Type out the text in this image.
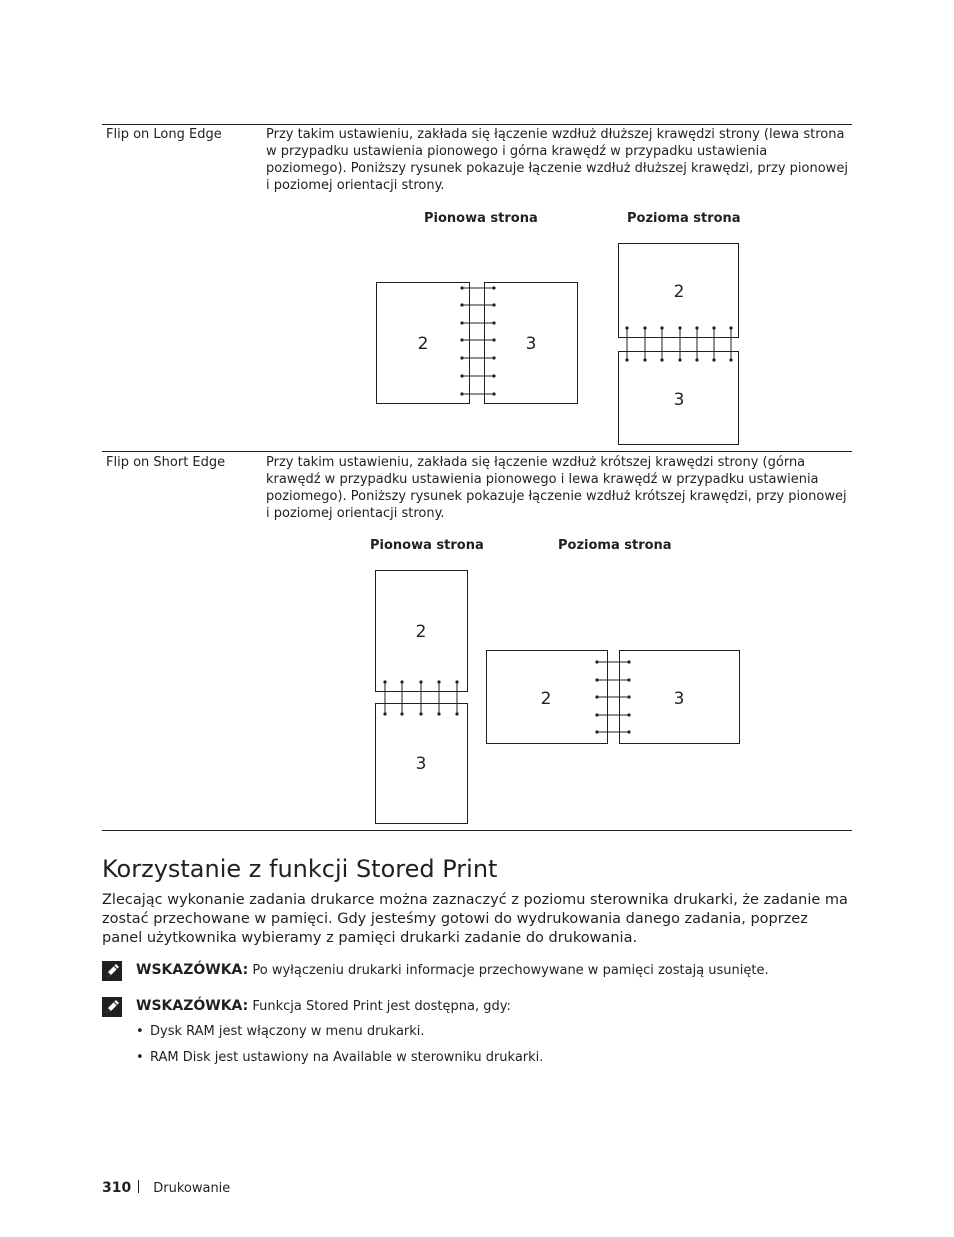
Flip on Long Edge	Przy takim ustawieniu, zakłada się łączenie wzdłuż dłuższej krawędzi strony (lewa strona w przypadku ustawienia pionowego i górna krawędź w przypadku ustawienia poziomego). Poniższy rysunek pokazuje łączenie wzdłuż dłuższej krawędzi, przy pionowej i poziomej orientacji strony.
Pionowa strona	Pozioma strona
Flip on Short Edge	Przy takim ustawieniu, zakłada się łączenie wzdłuż krótszej krawędzi strony (górna krawędź w przypadku ustawienia pionowego i lewa krawędź w przypadku ustawienia poziomego). Poniższy rysunek pokazuje łączenie wzdłuż krótszej krawędzi, przy pionowej i poziomej orientacji strony.
Pionowa strona	Pozioma strona
2	3
2
3
2
3
2	3
Korzystanie z funkcji Stored Print
Zlecając wykonanie zadania drukarce można zaznaczyć z poziomu sterownika drukarki, że zadanie ma zostać przechowane w pamięci. Gdy jesteśmy gotowi do wydrukowania danego zadania, poprzez panel użytkownika wybieramy z pamięci drukarki zadanie do drukowania.
WSKAZÓWKA: Po wyłączeniu drukarki informacje przechowywane w pamięci zostają usunięte.
WSKAZÓWKA: Funkcja Stored Print jest dostępna, gdy:
• Dysk RAM jest włączony w menu drukarki.
• RAM Disk jest ustawiony na Available w sterowniku drukarki.
310 Drukowanie
